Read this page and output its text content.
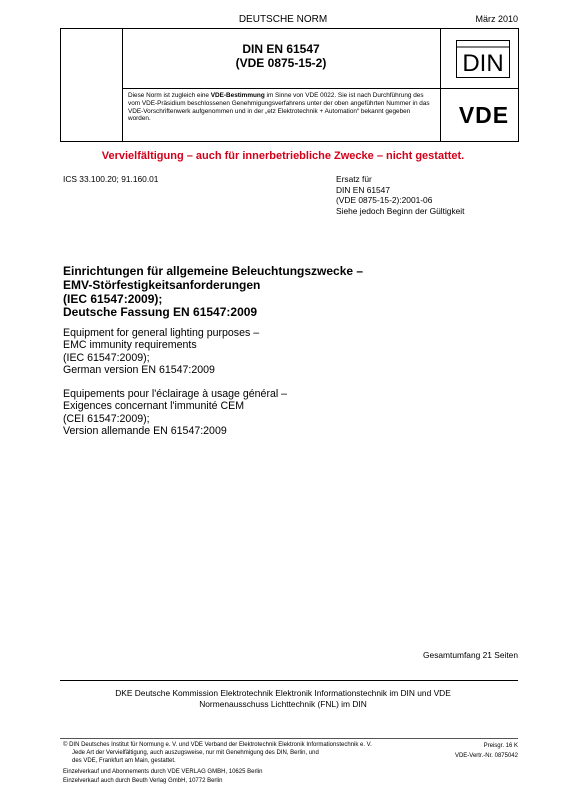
DEUTSCHE NORM	März 2010
DIN EN 61547
(VDE 0875-15-2)	DIN
Diese Norm ist zugleich eine VDE-Bestimmung im Sinne von VDE 0022. Sie ist nach Durchführung des vom VDE-Präsidium beschlossenen Genehmigungsverfahrens unter der oben angeführten Nummer in das VDE-Vorschriftenwerk aufgenommen und in der „etz Elektrotechnik + Automation“ bekannt gegeben worden.	VDE
Vervielfältigung – auch für innerbetriebliche Zwecke – nicht gestattet.
ICS 33.100.20; 91.160.01	Ersatz für
DIN EN 61547
(VDE 0875-15-2):2001-06
Siehe jedoch Beginn der Gültigkeit
Einrichtungen für allgemeine Beleuchtungszwecke –
EMV-Störfestigkeitsanforderungen
(IEC 61547:2009);
Deutsche Fassung EN 61547:2009
Equipment for general lighting purposes –
EMC immunity requirements
(IEC 61547:2009);
German version EN 61547:2009
Equipements pour l'éclairage à usage général –
Exigences concernant l'immunité CEM
(CEI 61547:2009);
Version allemande EN 61547:2009
Gesamtumfang 21 Seiten
DKE Deutsche Kommission Elektrotechnik Elektronik Informationstechnik im DIN und VDE
Normenausschuss Lichttechnik (FNL) im DIN
© DIN Deutsches Institut für Normung e. V. und VDE Verband der Elektrotechnik Elektronik Informationstechnik e. V.
Jede Art der Vervielfältigung, auch auszugsweise, nur mit Genehmigung des DIN, Berlin, und
des VDE, Frankfurt am Main, gestattet.
Preisgr. 16 K
VDE-Vertr.-Nr. 0875042
Einzelverkauf und Abonnements durch VDE VERLAG GMBH, 10625 Berlin
Einzelverkauf auch durch Beuth Verlag GmbH, 10772 Berlin
